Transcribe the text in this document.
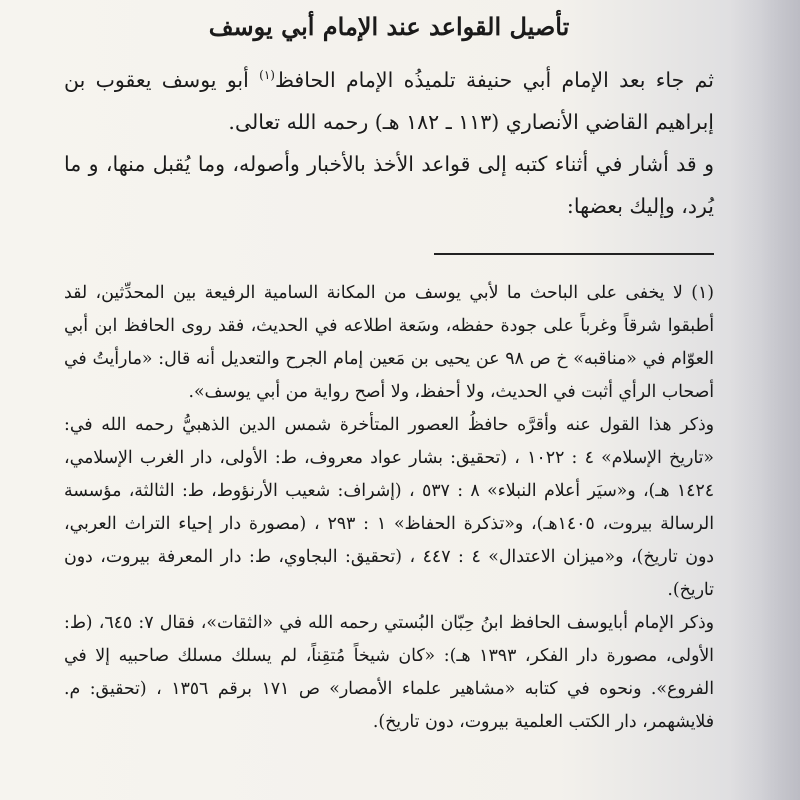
تأصيل القواعد عند الإمام أبي يوسف

ثم جاء بعد الإمام أبي حنيفة تلميذُه الإمام الحافظ$^{(١)}$ أبو يوسف يعقوب بن إبراهيم القاضي الأنصاري (١١٣ ـ ١٨٢ هـ) رحمه الله تعالى.

و قد أشار في أثناء كتبه إلى قواعد الأخذ بالأخبار وأصوله، وما يُقبل منها، و ما يُرد، وإليك بعضها:

(١) لا يخفى على الباحث ما لأبي يوسف من المكانة السامية الرفيعة بين المحدِّثين، لقد أطبقوا شرقاً وغرباً على جودة حفظه، وسَعة اطلاعه في الحديث، فقد روى الحافظ ابن أبي العوّام في «مناقبه» خ ص ٩٨ عن يحيى بن مَعين إمام الجرح والتعديل أنه قال: «مارأيتُ في أصحاب الرأي أثبت في الحديث، ولا أحفظ، ولا أصح رواية من أبي يوسف».

وذكر هذا القول عنه وأقرَّه حافظُ العصور المتأخرة شمس الدين الذهبيُّ رحمه الله في: «تاريخ الإسلام» ٤ : ١٠٢٢ ، (تحقيق: بشار عواد معروف، ط: الأولى، دار الغرب الإسلامي، ١٤٢٤ هـ)، و«سيَر أعلام النبلاء» ٨ : ٥٣٧ ، (إشراف: شعيب الأرنؤوط، ط: الثالثة، مؤسسة الرسالة بيروت، ١٤٠٥هـ)، و«تذكرة الحفاظ» ١ : ٢٩٣ ، (مصورة دار إحياء التراث العربي، دون تاريخ)، و«ميزان الاعتدال» ٤ : ٤٤٧ ، (تحقيق: البجاوي، ط: دار المعرفة بيروت، دون تاريخ).

وذكر الإمام أبايوسف الحافظ ابنُ حِبّان البُستي رحمه الله في «الثقات»، فقال ٧: ٦٤٥، (ط: الأولى، مصورة دار الفكر، ١٣٩٣ هـ): «كان شيخاً مُتقِناً، لم يسلك مسلك صاحبيه إلا في الفروع». ونحوه في كتابه «مشاهير علماء الأمصار» ص ١٧١ برقم ١٣٥٦ ، (تحقيق: م. فلايشهمر، دار الكتب العلمية بيروت، دون تاريخ).
